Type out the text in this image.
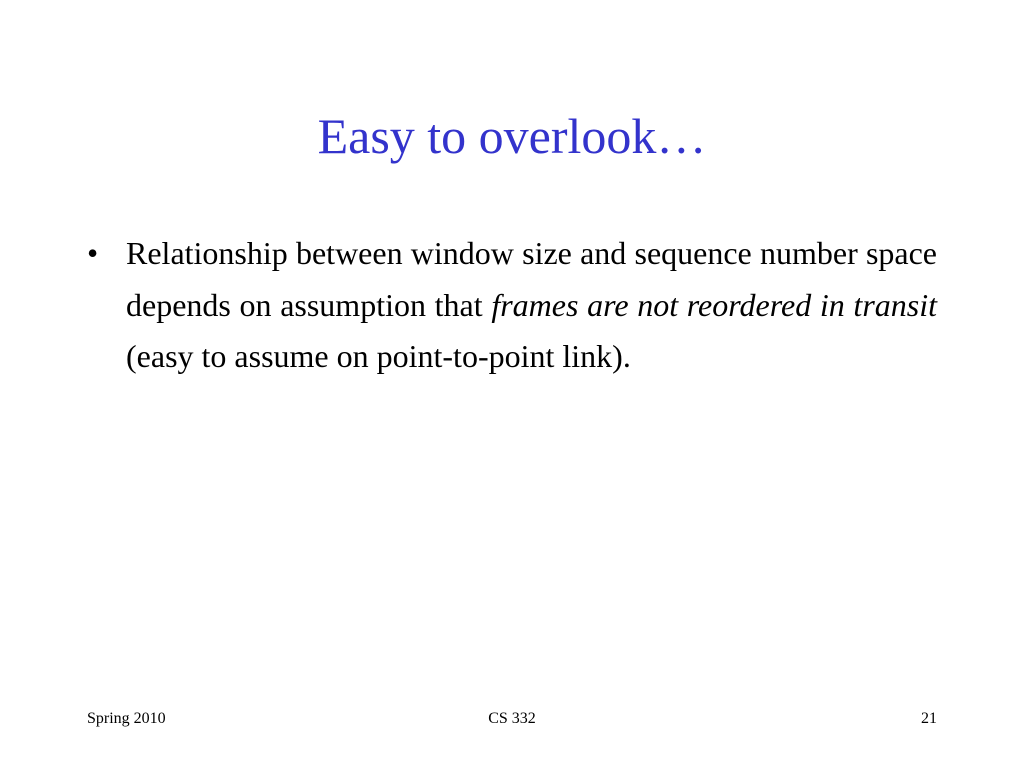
Easy to overlook…
• Relationship between window size and sequence number space depends on assumption that frames are not reordered in transit (easy to assume on point-to-point link).
Spring 2010	CS 332	21
